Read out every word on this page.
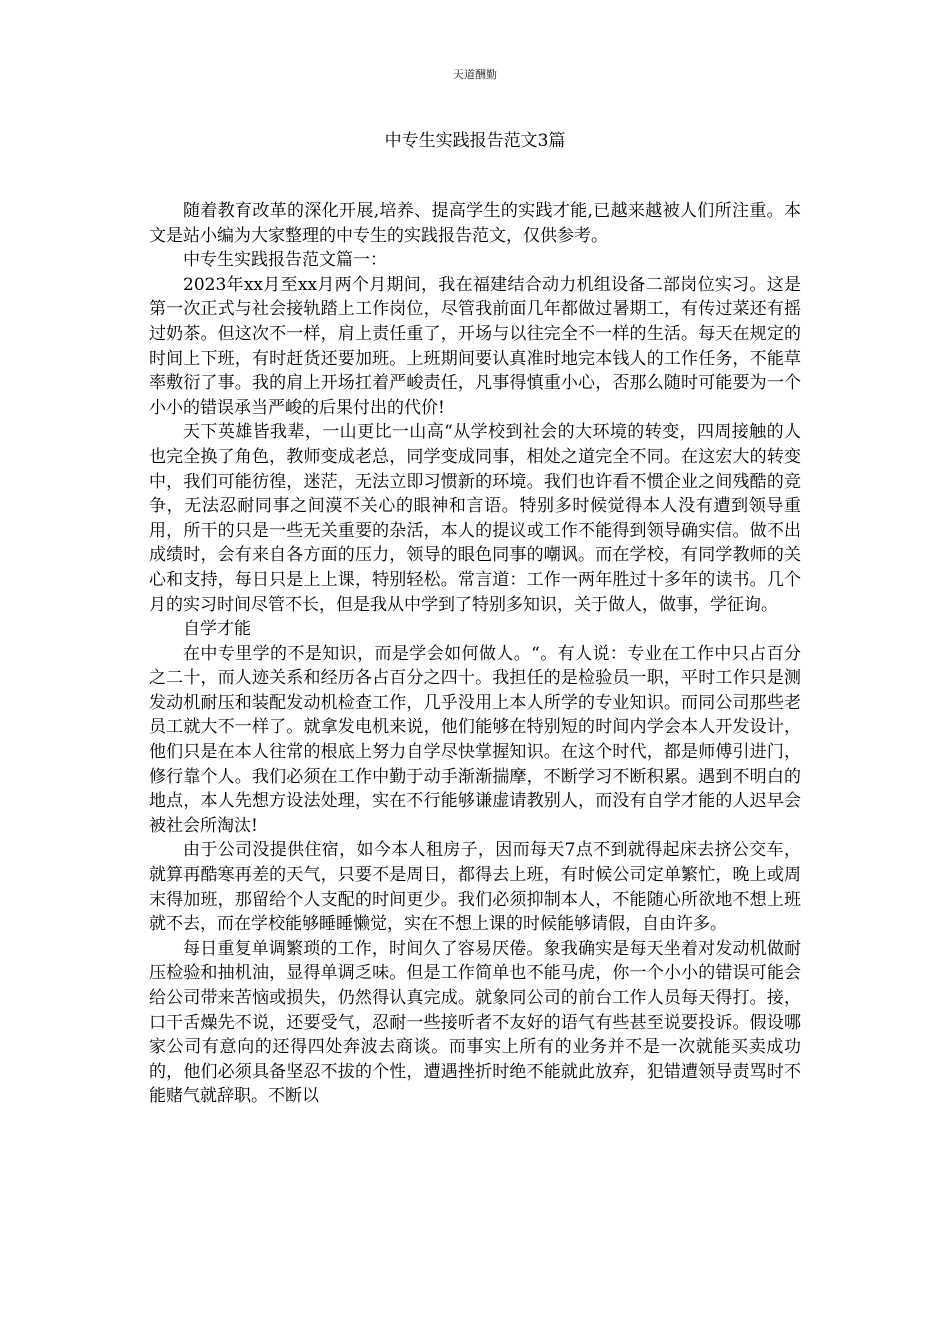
天道酬勤
中专生实践报告范文3篇

随着教育改革的深化开展,培养、提高学生的实践才能,已越来越被人们所注重。本文是站小编为大家整理的中专生的实践报告范文，仅供参考。

中专生实践报告范文篇一：

2023年xx月至xx月两个月期间，我在福建结合动力机组设备二部岗位实习。这是第一次正式与社会接轨踏上工作岗位，尽管我前面几年都做过暑期工，有传过菜还有摇过奶茶。但这次不一样，肩上责任重了，开场与以往完全不一样的生活。每天在规定的时间上下班，有时赶货还要加班。上班期间要认真准时地完本钱人的工作任务，不能草率敷衍了事。我的肩上开场扛着严峻责任，凡事得慎重小心，否那么随时可能要为一个小小的错误承当严峻的后果付出的代价!

天下英雄皆我辈，一山更比一山高“从学校到社会的大环境的转变，四周接触的人也完全换了角色，教师变成老总，同学变成同事，相处之道完全不同。在这宏大的转变中，我们可能彷徨，迷茫，无法立即习惯新的环境。我们也许看不惯企业之间残酷的竞争，无法忍耐同事之间漠不关心的眼神和言语。特别多时候觉得本人没有遭到领导重用，所干的只是一些无关重要的杂活，本人的提议或工作不能得到领导确实信。做不出成绩时，会有来自各方面的压力，领导的眼色同事的嘲讽。而在学校，有同学教师的关心和支持，每日只是上上课，特别轻松。常言道：工作一两年胜过十多年的读书。几个月的实习时间尽管不长，但是我从中学到了特别多知识，关于做人，做事，学征询。

自学才能

在中专里学的不是知识，而是学会如何做人。“。有人说：专业在工作中只占百分之二十，而人迹关系和经历各占百分之四十。我担任的是检验员一职，平时工作只是测发动机耐压和装配发动机检查工作，几乎没用上本人所学的专业知识。而同公司那些老员工就大不一样了。就拿发电机来说，他们能够在特别短的时间内学会本人开发设计，他们只是在本人往常的根底上努力自学尽快掌握知识。在这个时代，都是师傅引进门，修行靠个人。我们必须在工作中勤于动手渐渐揣摩，不断学习不断积累。遇到不明白的地点，本人先想方设法处理，实在不行能够谦虚请教别人，而没有自学才能的人迟早会被社会所淘汰!

由于公司没提供住宿，如今本人租房子，因而每天7点不到就得起床去挤公交车，就算再酷寒再差的天气，只要不是周日，都得去上班，有时候公司定单繁忙，晚上或周末得加班，那留给个人支配的时间更少。我们必须抑制本人，不能随心所欲地不想上班就不去，而在学校能够睡睡懒觉，实在不想上课的时候能够请假，自由许多。

每日重复单调繁琐的工作，时间久了容易厌倦。象我确实是每天坐着对发动机做耐压检验和抽机油，显得单调乏味。但是工作简单也不能马虎，你一个小小的错误可能会给公司带来苦恼或损失，仍然得认真完成。就象同公司的前台工作人员每天得打。接，口干舌燥先不说，还要受气，忍耐一些接听者不友好的语气有些甚至说要投诉。假设哪家公司有意向的还得四处奔波去商谈。而事实上所有的业务并不是一次就能买卖成功的，他们必须具备坚忍不拔的个性，遭遇挫折时绝不能就此放弃，犯错遭领导责骂时不能赌气就辞职。不断以
